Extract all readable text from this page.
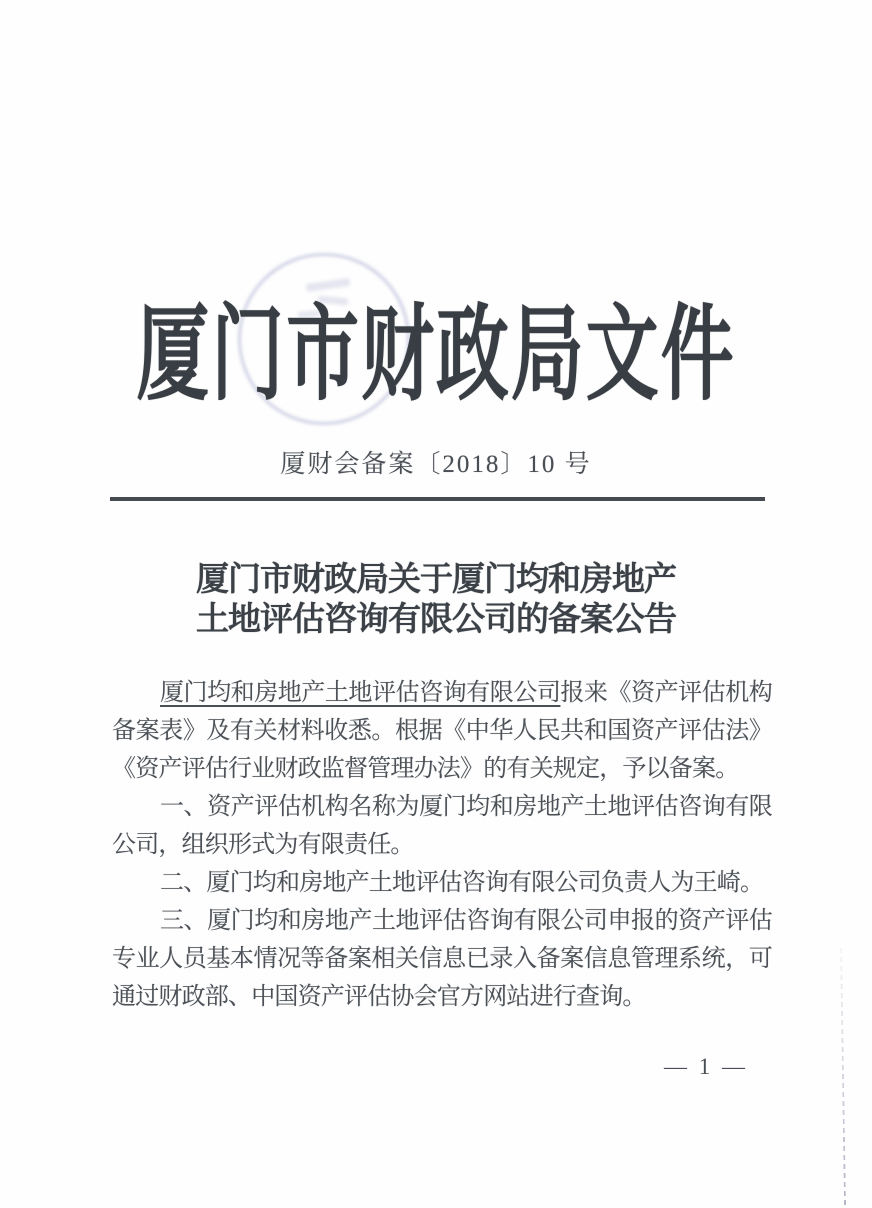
厦门市财政局文件
厦财会备案〔2018〕10 号
厦门市财政局关于厦门均和房地产
土地评估咨询有限公司的备案公告

厦门均和房地产土地评估咨询有限公司报来《资产评估机构备案表》及有关材料收悉。根据《中华人民共和国资产评估法》《资产评估行业财政监督管理办法》的有关规定，予以备案。

一、资产评估机构名称为厦门均和房地产土地评估咨询有限公司，组织形式为有限责任。

二、厦门均和房地产土地评估咨询有限公司负责人为王崎。

三、厦门均和房地产土地评估咨询有限公司申报的资产评估专业人员基本情况等备案相关信息已录入备案信息管理系统，可通过财政部、中国资产评估协会官方网站进行查询。

— 1 —
